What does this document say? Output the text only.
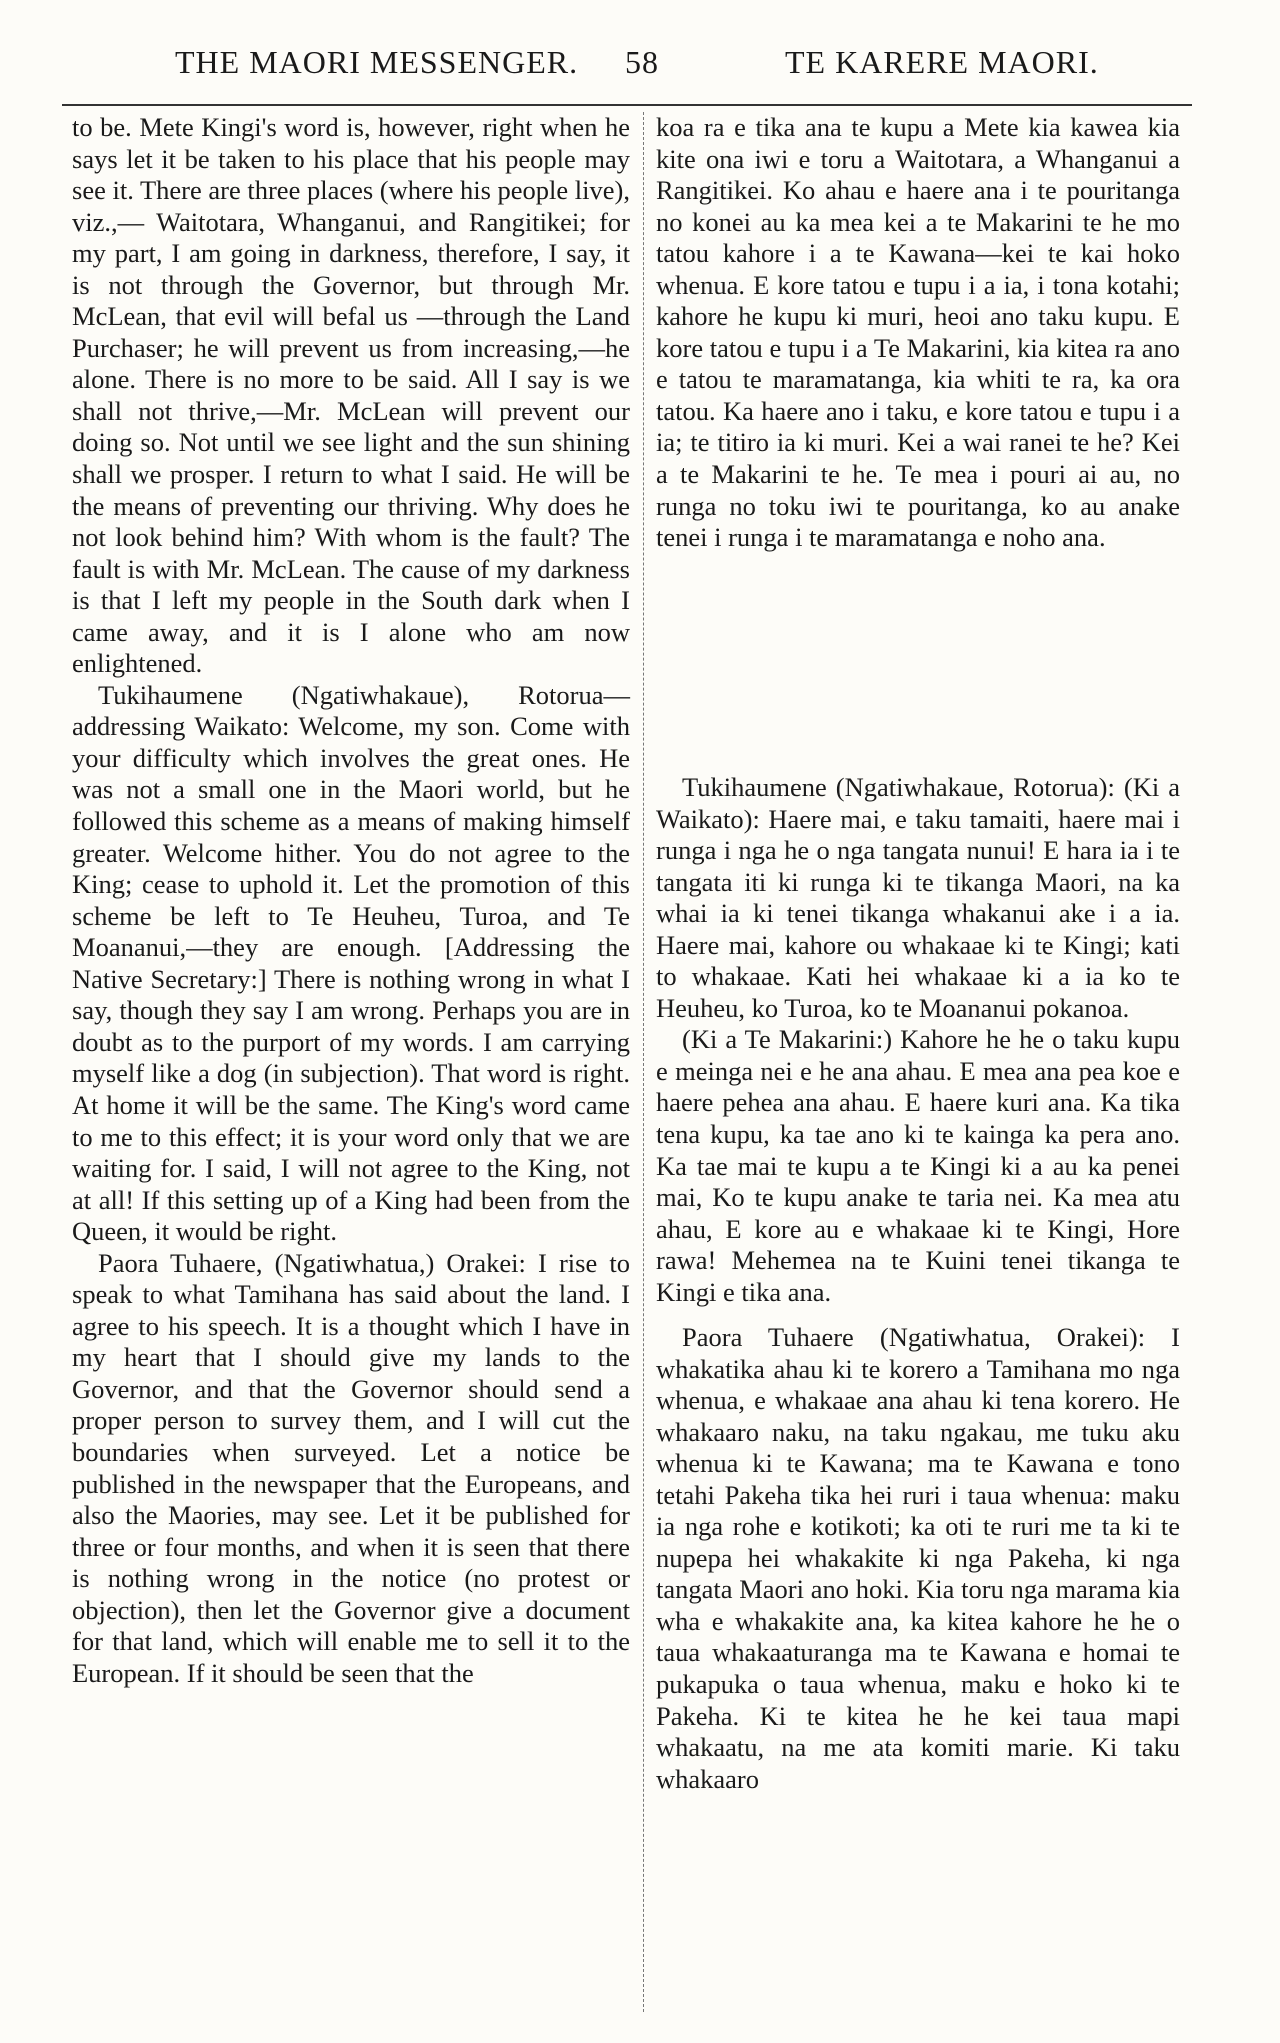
THE MAORI MESSENGER. 58	TE KARERE MAORI.

to be. Mete Kingi's word is, however, right when he says let it be taken to his place that his people may see it. There are three places (where his people live), viz.,— Waitotara, Whanganui, and Rangitikei; for my part, I am going in darkness, therefore, I say, it is not through the Governor, but through Mr. McLean, that evil will befal us —through the Land Purchaser; he will prevent us from increasing,—he alone. There is no more to be said. All I say is we shall not thrive,—Mr. McLean will prevent our doing so. Not until we see light and the sun shining shall we prosper. I return to what I said. He will be the means of preventing our thriving. Why does he not look behind him? With whom is the fault? The fault is with Mr. McLean. The cause of my darkness is that I left my people in the South dark when I came away, and it is I alone who am now enlightened.

Tukihaumene (Ngatiwhakaue), Rotorua— addressing Waikato: Welcome, my son. Come with your difficulty which involves the great ones. He was not a small one in the Maori world, but he followed this scheme as a means of making himself greater. Welcome hither. You do not agree to the King; cease to uphold it. Let the promotion of this scheme be left to Te Heuheu, Turoa, and Te Moananui,—they are enough. [Addressing the Native Secretary:] There is nothing wrong in what I say, though they say I am wrong. Perhaps you are in doubt as to the purport of my words. I am carrying myself like a dog (in subjection). That word is right. At home it will be the same. The King's word came to me to this effect; it is your word only that we are waiting for. I said, I will not agree to the King, not at all! If this setting up of a King had been from the Queen, it would be right.

Paora Tuhaere, (Ngatiwhatua,) Orakei: I rise to speak to what Tamihana has said about the land. I agree to his speech. It is a thought which I have in my heart that I should give my lands to the Governor, and that the Governor should send a proper person to survey them, and I will cut the boundaries when surveyed. Let a notice be published in the newspaper that the Europeans, and also the Maories, may see. Let it be published for three or four months, and when it is seen that there is nothing wrong in the notice (no protest or objection), then let the Governor give a document for that land, which will enable me to sell it to the European. If it should be seen that the

koa ra e tika ana te kupu a Mete kia kawea kia kite ona iwi e toru a Waitotara, a Whanganui a Rangitikei. Ko ahau e haere ana i te pouritanga no konei au ka mea kei a te Makarini te he mo tatou kahore i a te Kawana—kei te kai hoko whenua. E kore tatou e tupu i a ia, i tona kotahi; kahore he kupu ki muri, heoi ano taku kupu. E kore tatou e tupu i a Te Makarini, kia kitea ra ano e tatou te maramatanga, kia whiti te ra, ka ora tatou. Ka haere ano i taku, e kore tatou e tupu i a ia; te titiro ia ki muri. Kei a wai ranei te he? Kei a te Makarini te he. Te mea i pouri ai au, no runga no toku iwi te pouritanga, ko au anake tenei i runga i te maramatanga e noho ana.

Tukihaumene (Ngatiwhakaue, Rotorua): (Ki a Waikato): Haere mai, e taku tamaiti, haere mai i runga i nga he o nga tangata nunui! E hara ia i te tangata iti ki runga ki te tikanga Maori, na ka whai ia ki tenei tikanga whakanui ake i a ia. Haere mai, kahore ou whakaae ki te Kingi; kati to whakaae. Kati hei whakaae ki a ia ko te Heuheu, ko Turoa, ko te Moananui pokanoa.

(Ki a Te Makarini:) Kahore he he o taku kupu e meinga nei e he ana ahau. E mea ana pea koe e haere pehea ana ahau. E haere kuri ana. Ka tika tena kupu, ka tae ano ki te kainga ka pera ano. Ka tae mai te kupu a te Kingi ki a au ka penei mai, Ko te kupu anake te taria nei. Ka mea atu ahau, E kore au e whakaae ki te Kingi, Hore rawa! Mehemea na te Kuini tenei tikanga te Kingi e tika ana.

Paora Tuhaere (Ngatiwhatua, Orakei): I whakatika ahau ki te korero a Tamihana mo nga whenua, e whakaae ana ahau ki tena korero. He whakaaro naku, na taku ngakau, me tuku aku whenua ki te Kawana; ma te Kawana e tono tetahi Pakeha tika hei ruri i taua whenua: maku ia nga rohe e kotikoti; ka oti te ruri me ta ki te nupepa hei whakakite ki nga Pakeha, ki nga tangata Maori ano hoki. Kia toru nga marama kia wha e whakakite ana, ka kitea kahore he he o taua whakaaturanga ma te Kawana e homai te pukapuka o taua whenua, maku e hoko ki te Pakeha. Ki te kitea he he kei taua mapi whakaatu, na me ata komiti marie. Ki taku whakaaro
